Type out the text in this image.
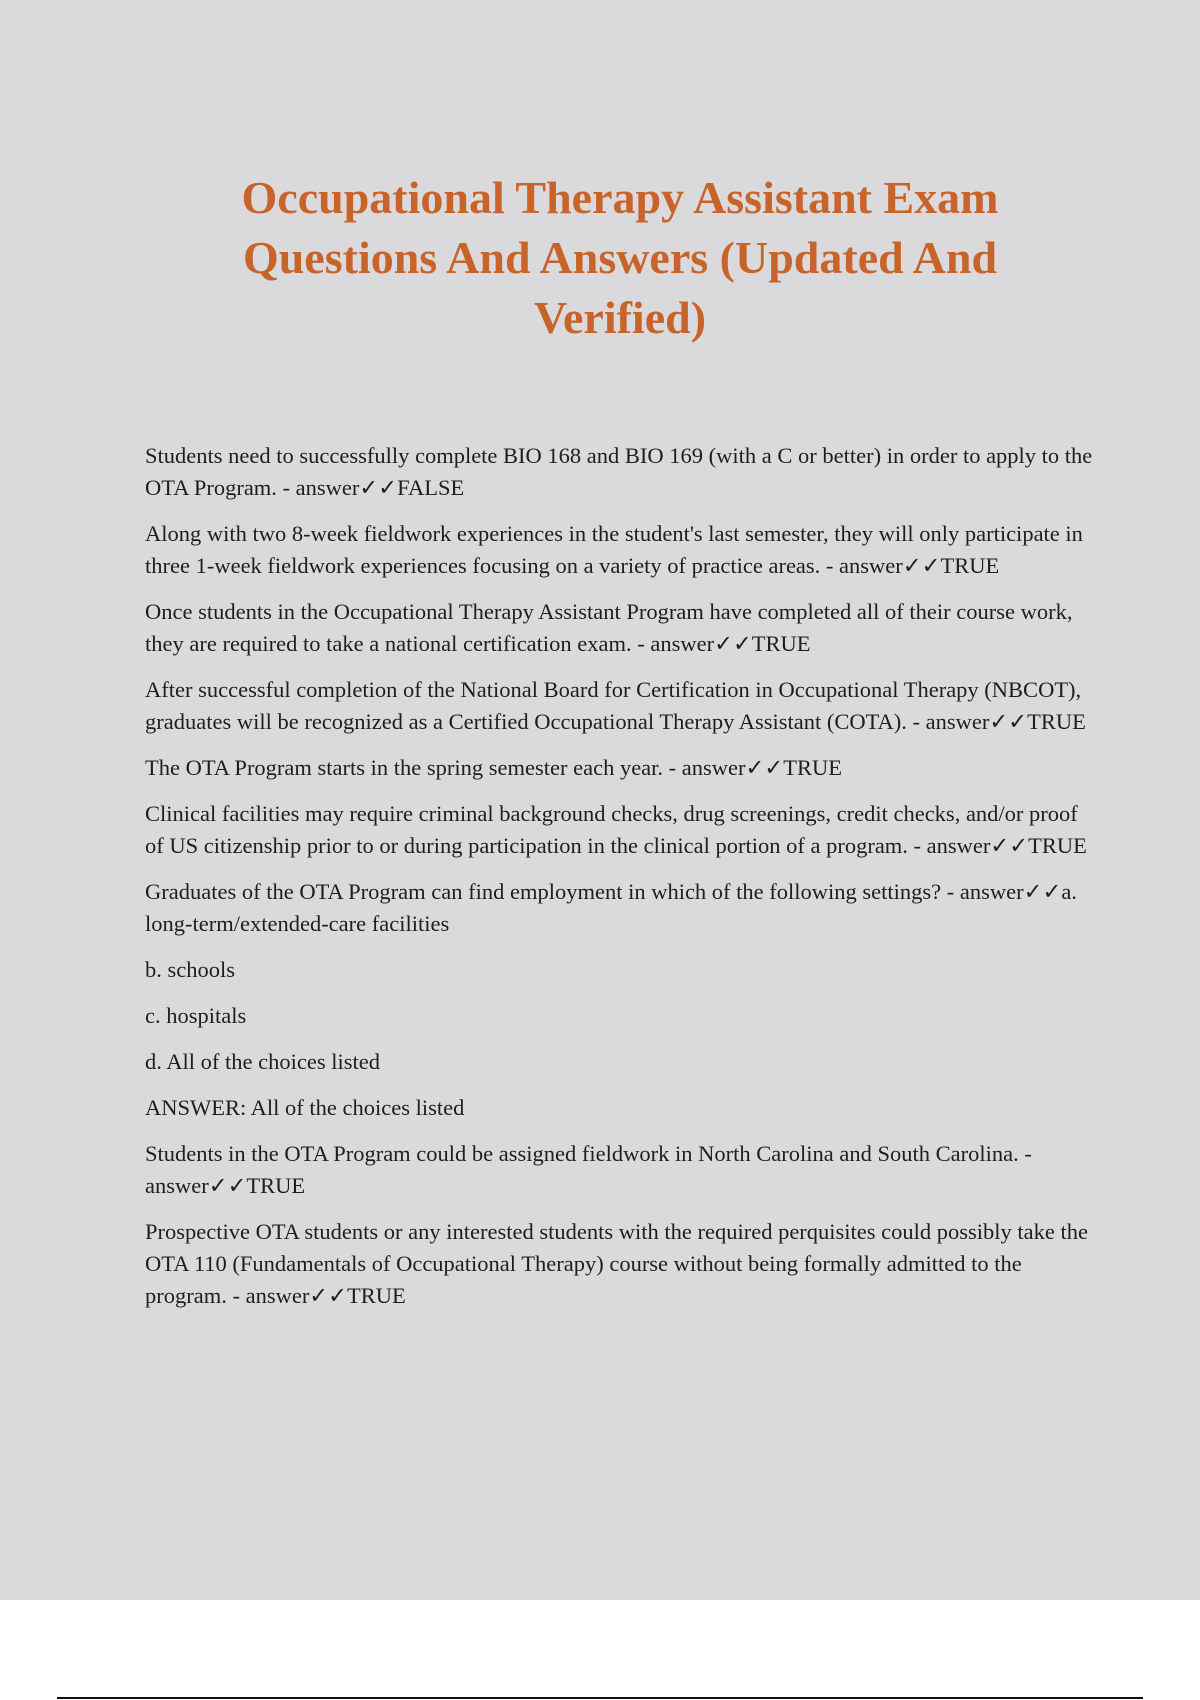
Occupational Therapy Assistant Exam Questions And Answers (Updated And Verified)

Students need to successfully complete BIO 168 and BIO 169 (with a C or better) in order to apply to the OTA Program. - answer✓✓FALSE

Along with two 8-week fieldwork experiences in the student's last semester, they will only participate in three 1-week fieldwork experiences focusing on a variety of practice areas. - answer✓✓TRUE

Once students in the Occupational Therapy Assistant Program have completed all of their course work, they are required to take a national certification exam. - answer✓✓TRUE

After successful completion of the National Board for Certification in Occupational Therapy (NBCOT), graduates will be recognized as a Certified Occupational Therapy Assistant (COTA). - answer✓✓TRUE

The OTA Program starts in the spring semester each year. - answer✓✓TRUE

Clinical facilities may require criminal background checks, drug screenings, credit checks, and/or proof of US citizenship prior to or during participation in the clinical portion of a program. - answer✓✓TRUE

Graduates of the OTA Program can find employment in which of the following settings? - answer✓✓a. long-term/extended-care facilities

b. schools

c. hospitals

d. All of the choices listed

ANSWER: All of the choices listed

Students in the OTA Program could be assigned fieldwork in North Carolina and South Carolina. - answer✓✓TRUE

Prospective OTA students or any interested students with the required perquisites could possibly take the OTA 110 (Fundamentals of Occupational Therapy) course without being formally admitted to the program. - answer✓✓TRUE
